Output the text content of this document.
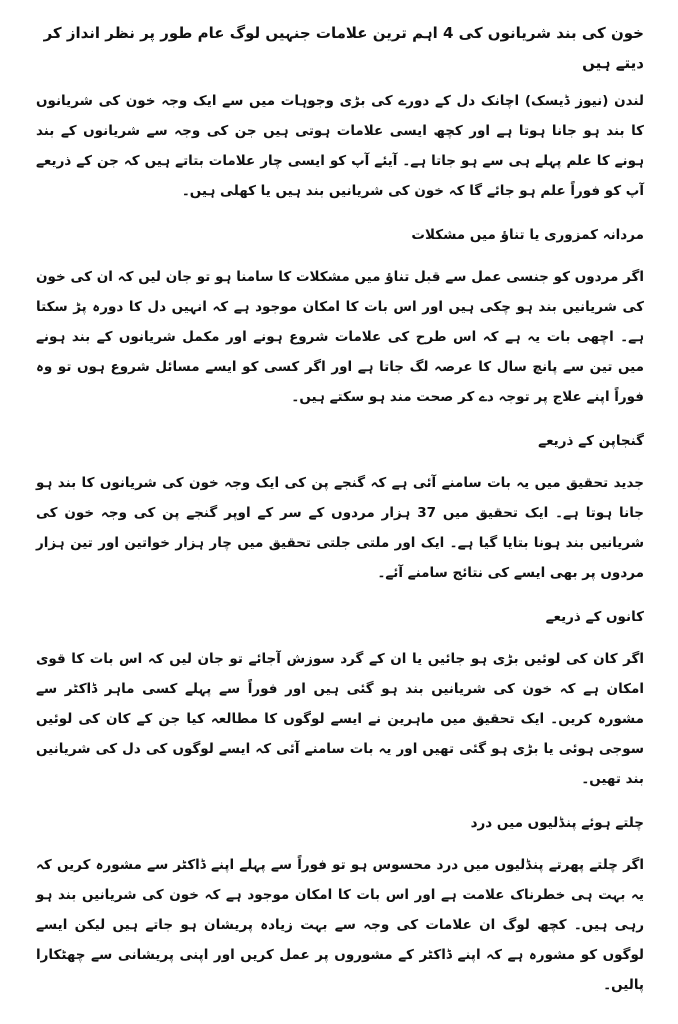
خون کی بند شریانوں کی 4 اہم ترین علامات جنہیں لوگ عام طور پر نظر انداز کر دیتے ہیں

لندن (نیوز ڈیسک) اچانک دل کے دورے کی بڑی وجوہات میں سے ایک وجہ خون کی شریانوں کا بند ہو جانا ہوتا ہے اور کچھ ایسی علامات ہوتی ہیں جن کی وجہ سے شریانوں کے بند ہونے کا علم پہلے ہی سے ہو جاتا ہے۔ آیئے آپ کو ایسی چار علامات بتاتے ہیں کہ جن کے ذریعے آپ کو فوراً علم ہو جائے گا کہ خون کی شریانیں بند ہیں یا کھلی ہیں۔

مردانہ کمزوری یا تناؤ میں مشکلات

اگر مردوں کو جنسی عمل سے قبل تناؤ میں مشکلات کا سامنا ہو تو جان لیں کہ ان کی خون کی شریانیں بند ہو چکی ہیں اور اس بات کا امکان موجود ہے کہ انہیں دل کا دورہ پڑ سکتا ہے۔ اچھی بات یہ ہے کہ اس طرح کی علامات شروع ہونے اور مکمل شریانوں کے بند ہونے میں تین سے پانچ سال کا عرصہ لگ جاتا ہے اور اگر کسی کو ایسے مسائل شروع ہوں تو وہ فوراً اپنے علاج پر توجہ دے کر صحت مند ہو سکتے ہیں۔

گنجاپن کے ذریعے

جدید تحقیق میں یہ بات سامنے آئی ہے کہ گنجے پن کی ایک وجہ خون کی شریانوں کا بند ہو جانا ہوتا ہے۔ ایک تحقیق میں 37 ہزار مردوں کے سر کے اوپر گنجے پن کی وجہ خون کی شریانیں بند ہونا بتایا گیا ہے۔ ایک اور ملتی جلتی تحقیق میں چار ہزار خواتین اور تین ہزار مردوں پر بھی ایسے کی نتائج سامنے آئے۔

کانوں کے ذریعے

اگر کان کی لوئیں بڑی ہو جائیں یا ان کے گرد سوزش آجائے تو جان لیں کہ اس بات کا قوی امکان ہے کہ خون کی شریانیں بند ہو گئی ہیں اور فوراً سے پہلے کسی ماہر ڈاکٹر سے مشورہ کریں۔ ایک تحقیق میں ماہرین نے ایسے لوگوں کا مطالعہ کیا جن کے کان کی لوئیں سوجی ہوئی یا بڑی ہو گئی تھیں اور یہ بات سامنے آئی کہ ایسے لوگوں کی دل کی شریانیں بند تھیں۔

چلتے ہوئے پنڈلیوں میں درد

اگر چلتے پھرتے پنڈلیوں میں درد محسوس ہو تو فوراً سے پہلے اپنے ڈاکٹر سے مشورہ کریں کہ یہ بہت ہی خطرناک علامت ہے اور اس بات کا امکان موجود ہے کہ خون کی شریانیں بند ہو رہی ہیں۔ کچھ لوگ ان علامات کی وجہ سے بہت زیادہ پریشان ہو جاتے ہیں لیکن ایسے لوگوں کو مشورہ ہے کہ اپنے ڈاکٹر کے مشوروں پر عمل کریں اور اپنی پریشانی سے چھٹکارا پالیں۔
